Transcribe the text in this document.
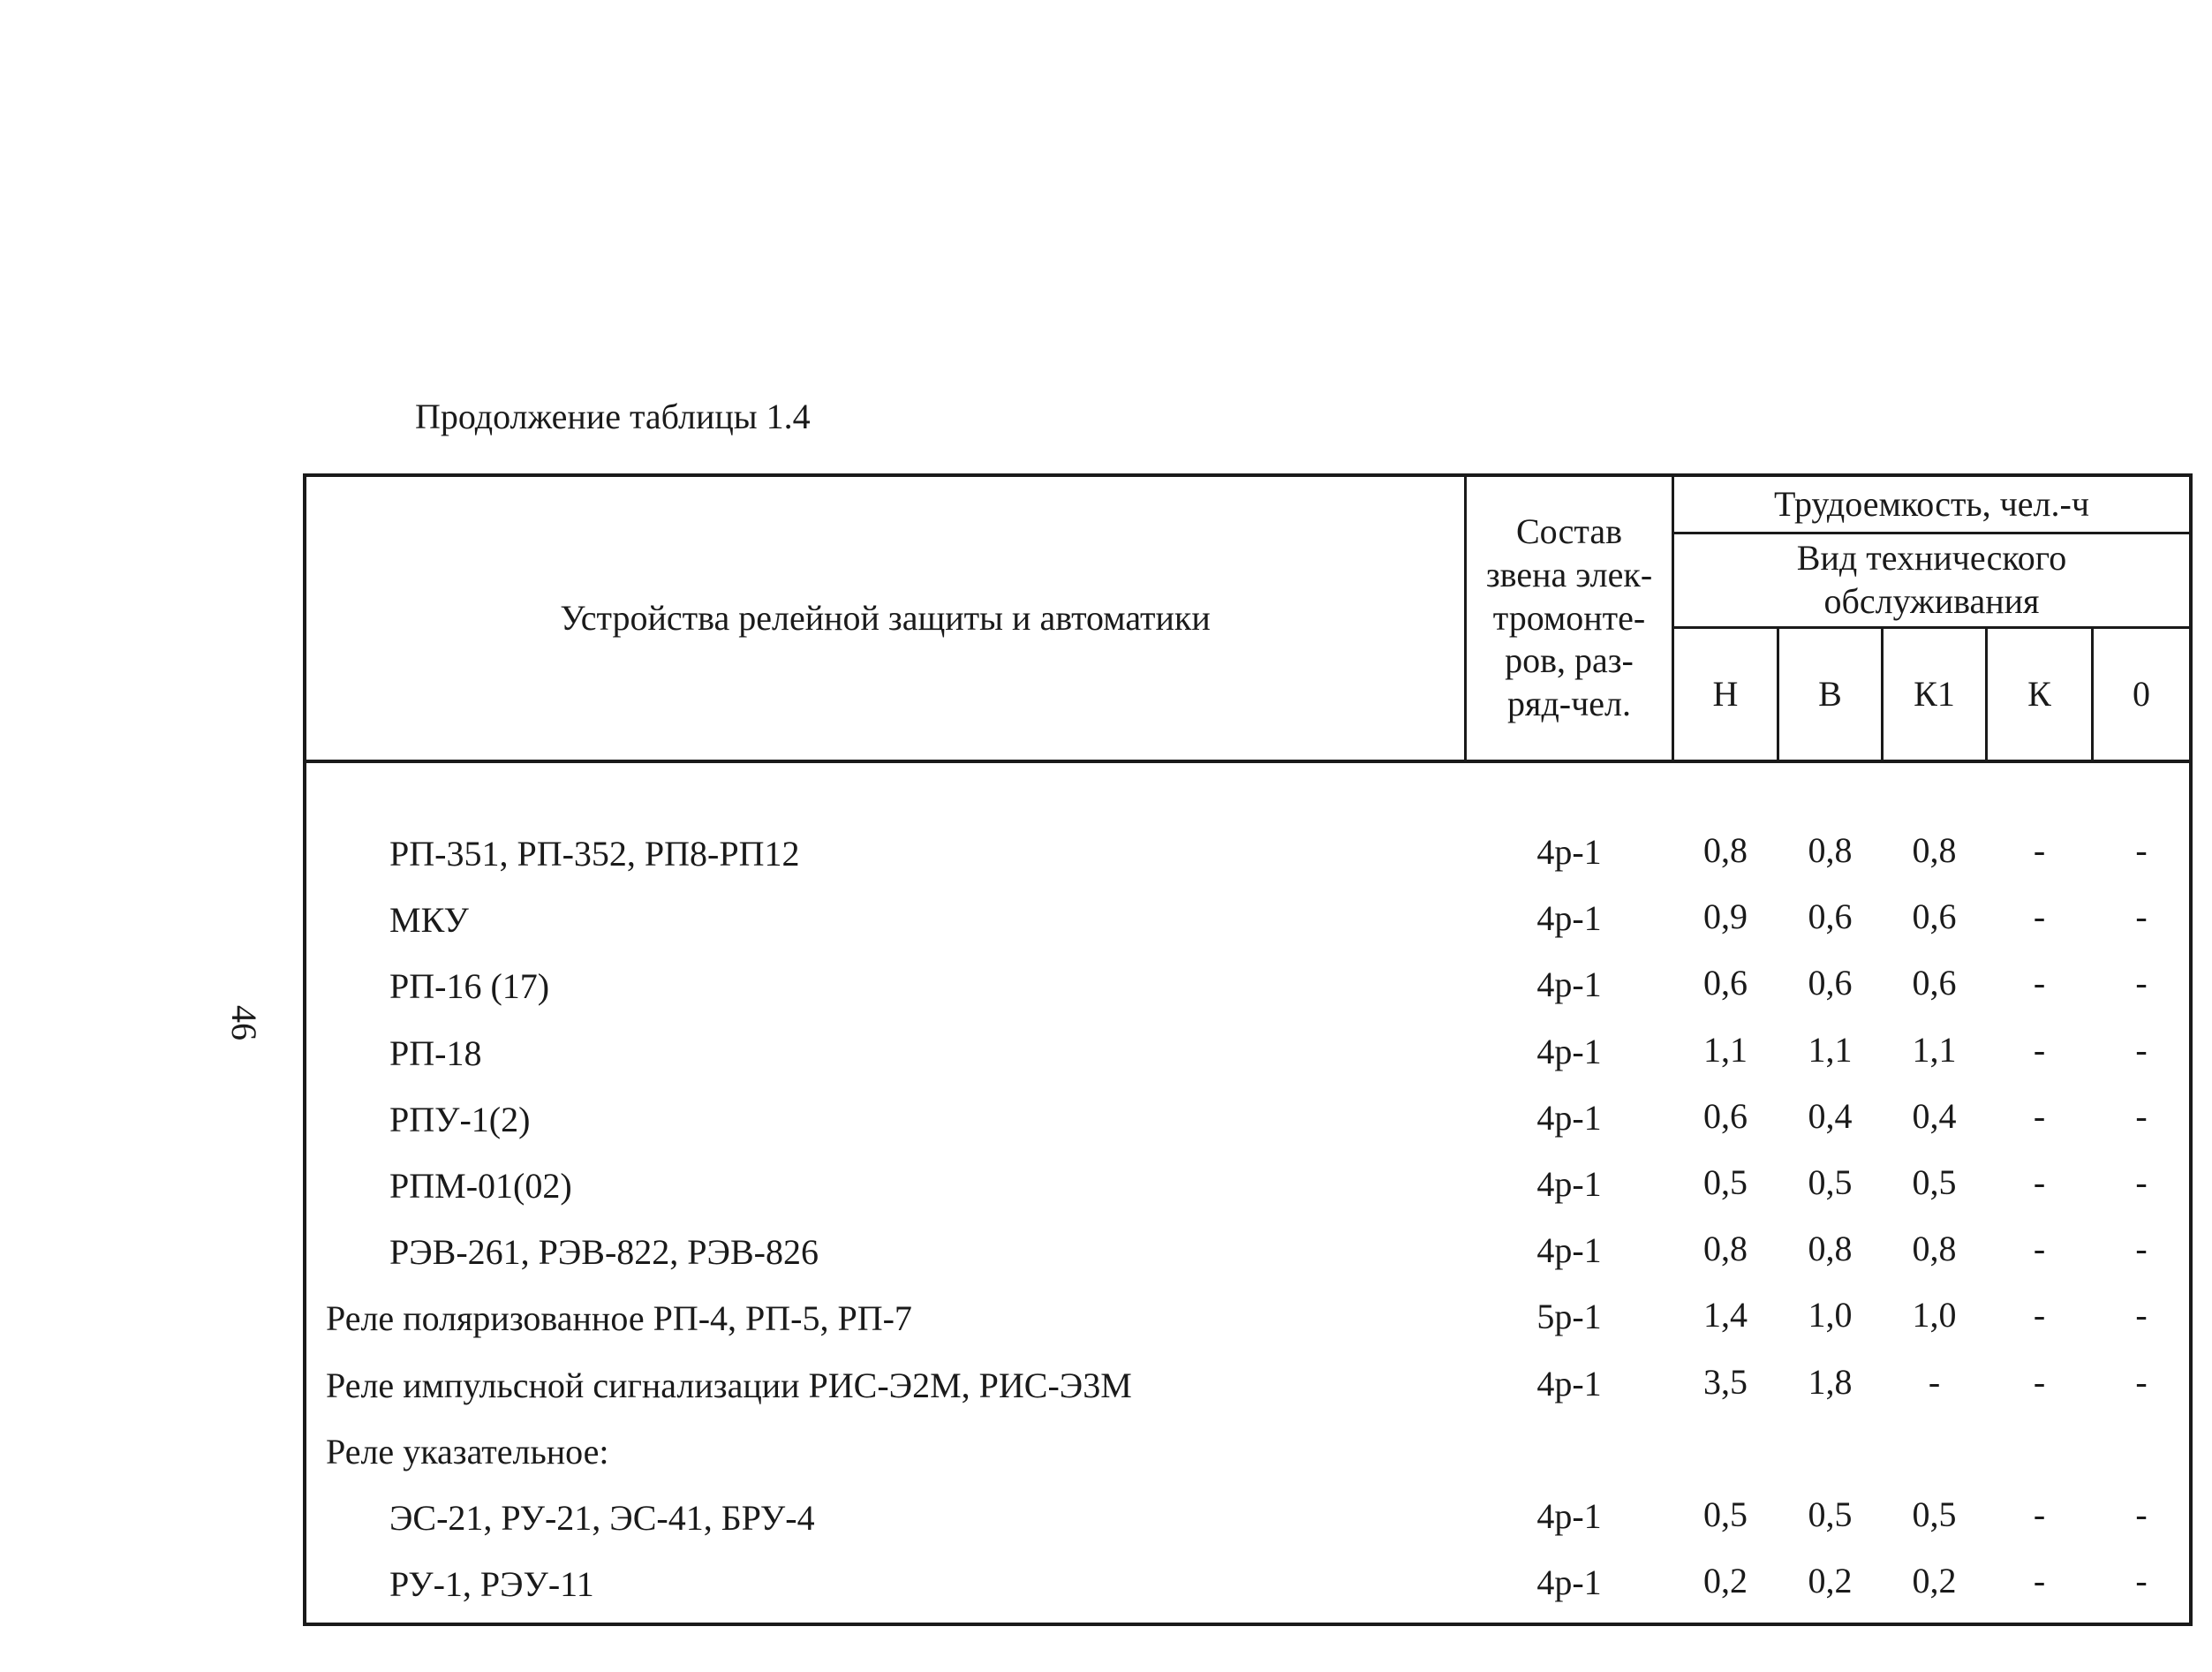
Продолжение таблицы 1.4
46
Устройства релейной защиты и автоматики
Состав
звена элек-
тромонте-
ров, раз-
ряд-чел.
Трудоемкость, чел.-ч
Вид технического
обслуживания
Н В К1 К 0
РП-351, РП-352, РП8-РП12	4р-1	0,8	0,8	0,8	-	-
МКУ	4р-1	0,9	0,6	0,6	-	-
РП-16 (17)	4р-1	0,6	0,6	0,6	-	-
РП-18	4р-1	1,1	1,1	1,1	-	-
РПУ-1(2)	4р-1	0,6	0,4	0,4	-	-
РПМ-01(02)	4р-1	0,5	0,5	0,5	-	-
РЭВ-261, РЭВ-822, РЭВ-826	4р-1	0,8	0,8	0,8	-	-
Реле поляризованное РП-4, РП-5, РП-7	5р-1	1,4	1,0	1,0	-	-
Реле импульсной сигнализации РИС-Э2М, РИС-Э3М	4р-1	3,5	1,8	-	-	-
Реле указательное:
ЭС-21, РУ-21, ЭС-41, БРУ-4	4р-1	0,5	0,5	0,5	-	-
РУ-1, РЭУ-11	4р-1	0,2	0,2	0,2	-	-
